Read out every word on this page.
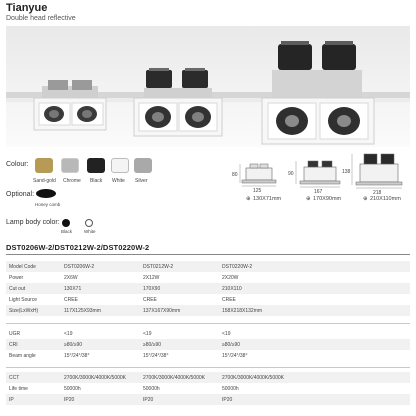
Tianyue
Double head reflective
Colour:
Sand-gold Chrome Black White Silver
Optional:
Honey comb
Lamp body color:
Black	White
80	90	138
125	167	218
⊕ 130X71mm	⊕ 170X90mm	⊕ 210X110mm
DST0206W-2/DST0212W-2/DST0220W-2
Model Code	DST0206W-2	DST0212W-2	DST0220W-2
Power	2X6W	2X12W	2X20W
Cut out	130X71	170X90	210X110
Light Source	CREE	CREE	CREE
Size(LxWxH)	117X125X93mm	137X167X90mm	158X218X132mm
UGR	<19	<19	<19
CRI	≥80/≥90	≥80/≥90	≥80/≥90
Beam angle	15°/24°/38°	15°/24°/38°	15°/24°/38°
CCT	2700K/3000K/4000K/5000K	2700K/3000K/4000K/5000K	2700K/3000K/4000K/5000K
Life time	50000h	50000h	50000h
IP	IP20	IP20	IP20
